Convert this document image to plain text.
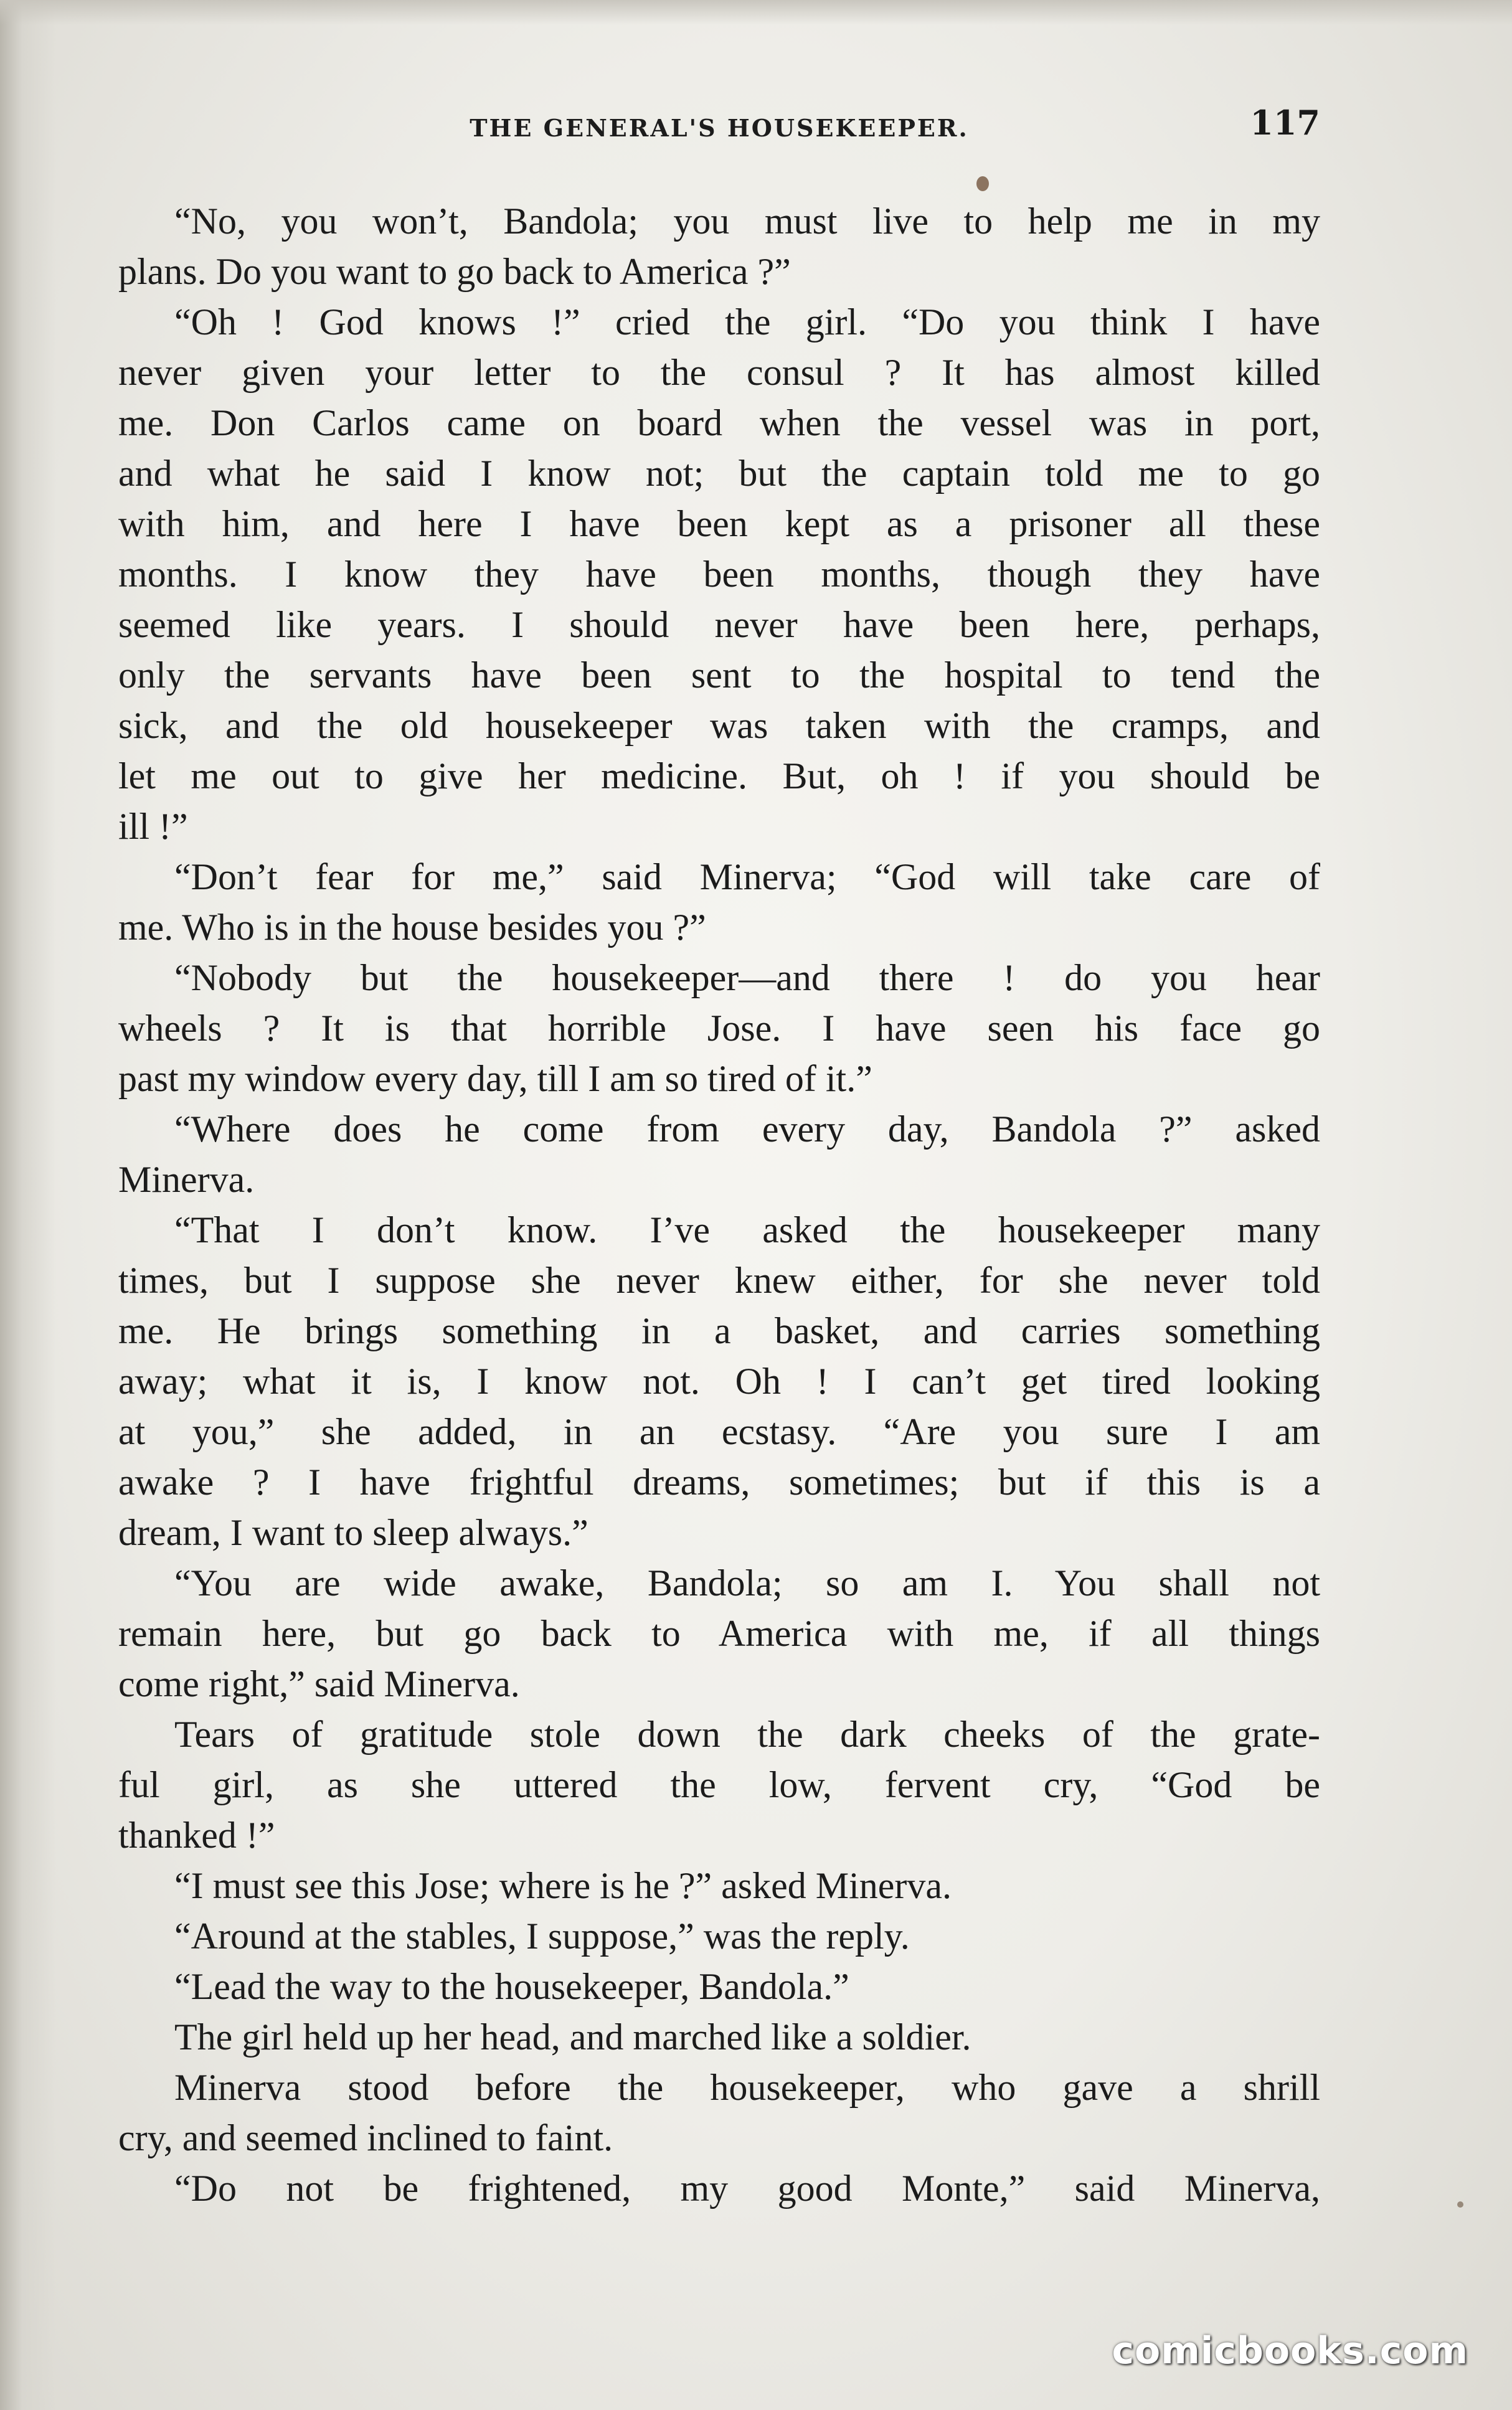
THE GENERAL'S HOUSEKEEPER.	117
“No, you won’t, Bandola; you must live to help me in my
plans. Do you want to go back to America ?”
“Oh ! God knows !” cried the girl. “Do you think I have
never given your letter to the consul ? It has almost killed
me. Don Carlos came on board when the vessel was in port,
and what he said I know not; but the captain told me to go
with him, and here I have been kept as a prisoner all these
months. I know they have been months, though they have
seemed like years. I should never have been here, perhaps,
only the servants have been sent to the hospital to tend the
sick, and the old housekeeper was taken with the cramps, and
let me out to give her medicine. But, oh ! if you should be
ill !”
“Don’t fear for me,” said Minerva; “God will take care of
me. Who is in the house besides you ?”
“Nobody but the housekeeper—and there ! do you hear
wheels ? It is that horrible Jose. I have seen his face go
past my window every day, till I am so tired of it.”
“Where does he come from every day, Bandola ?” asked
Minerva.
“That I don’t know. I’ve asked the housekeeper many
times, but I suppose she never knew either, for she never told
me. He brings something in a basket, and carries something
away; what it is, I know not. Oh ! I can’t get tired looking
at you,” she added, in an ecstasy. “Are you sure I am
awake ? I have frightful dreams, sometimes; but if this is a
dream, I want to sleep always.”
“You are wide awake, Bandola; so am I. You shall not
remain here, but go back to America with me, if all things
come right,” said Minerva.
Tears of gratitude stole down the dark cheeks of the grate-
ful girl, as she uttered the low, fervent cry, “God be
thanked !”
“I must see this Jose; where is he ?” asked Minerva.
“Around at the stables, I suppose,” was the reply.
“Lead the way to the housekeeper, Bandola.”
The girl held up her head, and marched like a soldier.
Minerva stood before the housekeeper, who gave a shrill
cry, and seemed inclined to faint.
“Do not be frightened, my good Monte,” said Minerva,
comicbooks.com
